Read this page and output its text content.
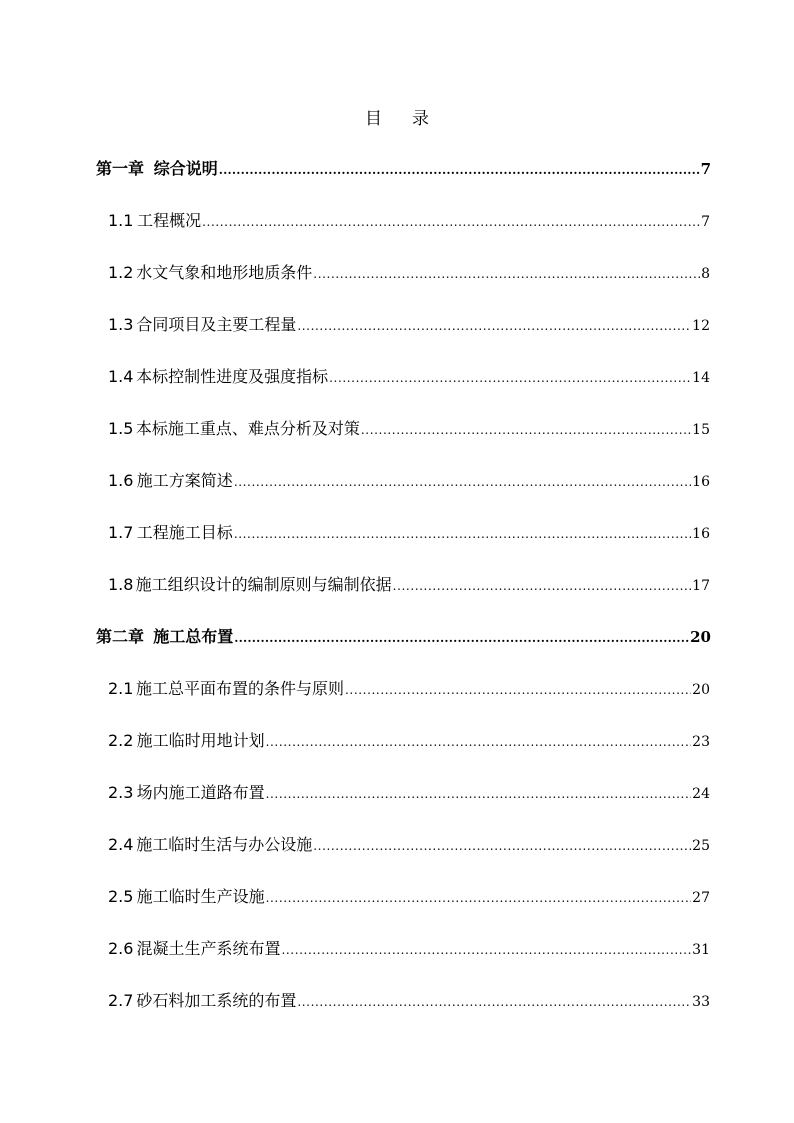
目 录
第一章 综合说明 .....	7
1.1 工程概况 .....	7
1.2 水文气象和地形地质条件 .....	8
1.3 合同项目及主要工程量 .....	12
1.4 本标控制性进度及强度指标 .....	14
1.5 本标施工重点、难点分析及对策 .....	15
1.6 施工方案简述 .....	16
1.7 工程施工目标 .....	16
1.8 施工组织设计的编制原则与编制依据 .....	17
第二章 施工总布置 .....	20
2.1 施工总平面布置的条件与原则 .....	20
2.2 施工临时用地计划 .....	23
2.3 场内施工道路布置 .....	24
2.4 施工临时生活与办公设施 .....	25
2.5 施工临时生产设施 .....	27
2.6 混凝土生产系统布置 .....	31
2.7 砂石料加工系统的布置 .....	33
